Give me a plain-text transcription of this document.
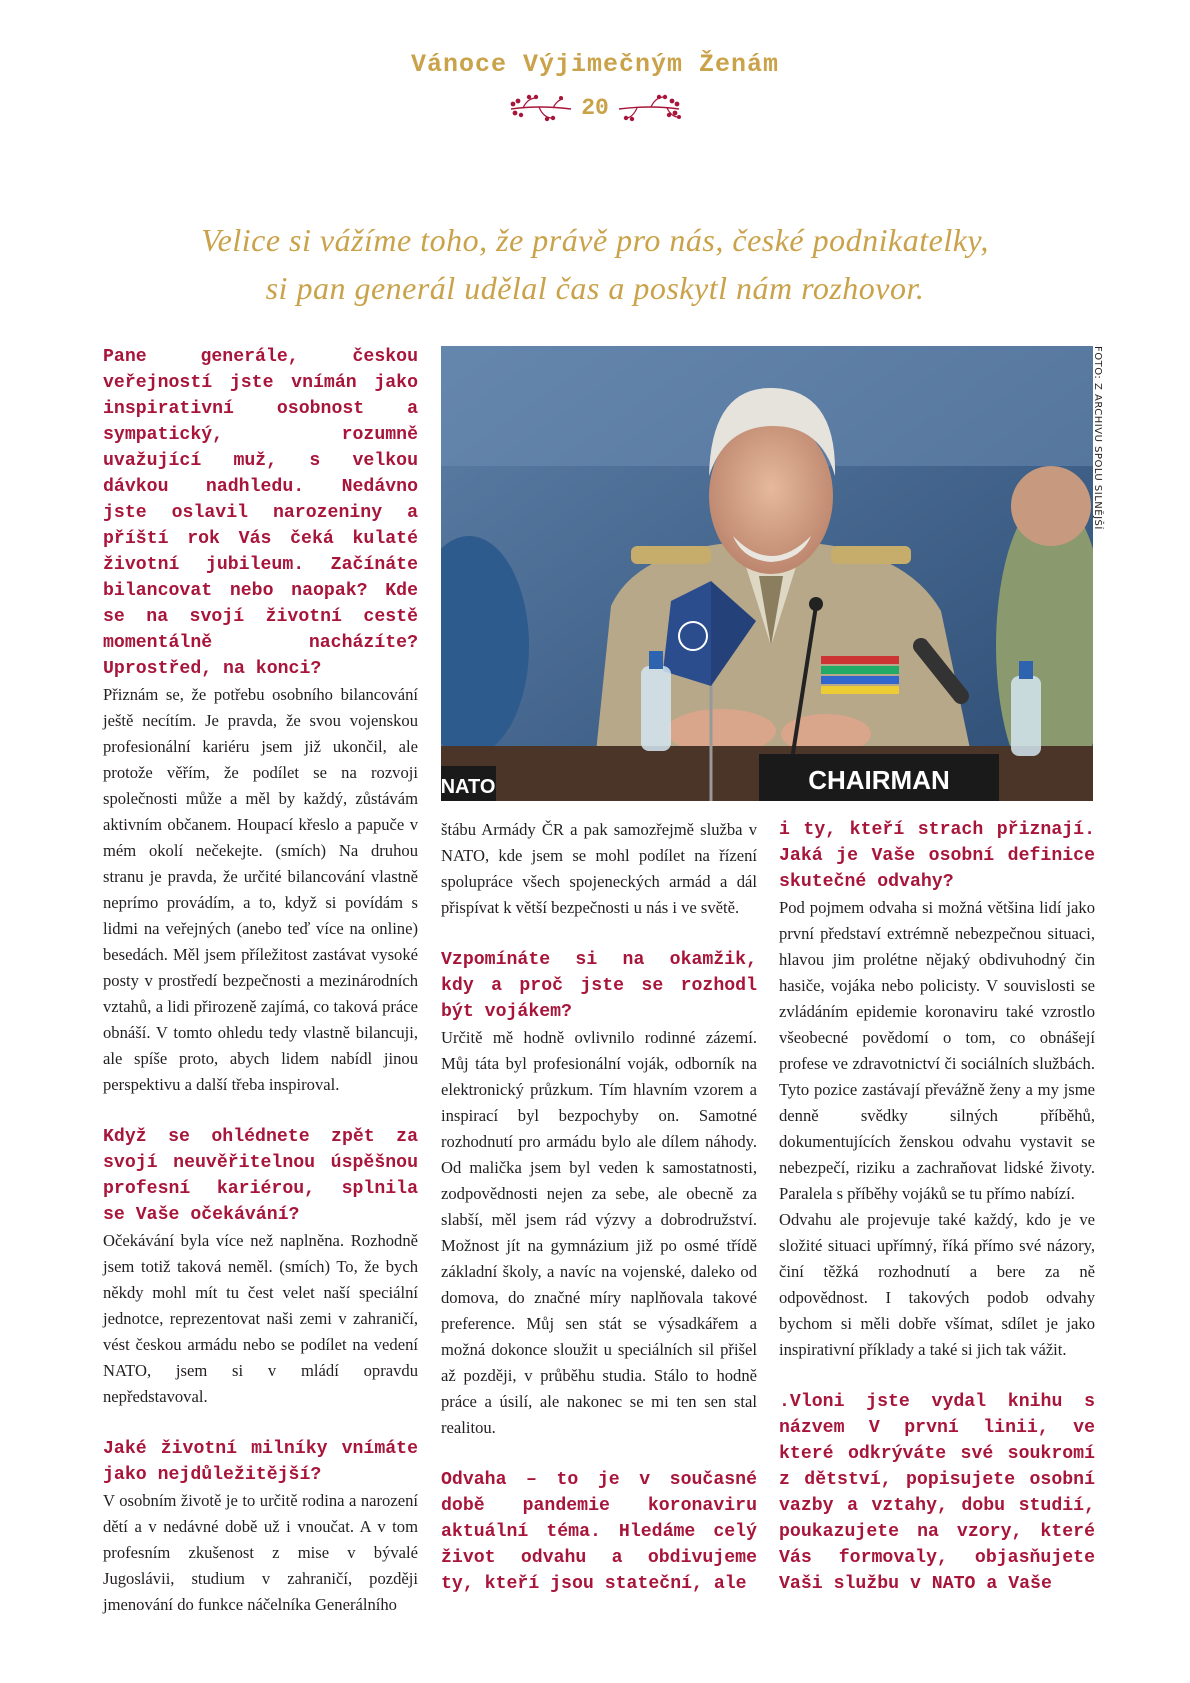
Vánoce Výjimečným Ženám
20
Velice si vážíme toho, že právě pro nás, české podnikatelky,
si pan generál udělal čas a poskytl nám rozhovor.
CHAIRMAN
NATO
FOTO: Z ARCHIVU SPOLU SILNĚJŠÍ

Pane generále, českou veřejností jste vnímán jako inspirativní osobnost a sympatický, rozumně uvažující muž, s velkou dávkou nadhledu. Nedávno jste oslavil narozeniny a příští rok Vás čeká kulaté životní jubileum. Začínáte bilancovat nebo naopak? Kde se na svojí životní cestě momentálně nacházíte? Uprostřed, na konci?

Přiznám se, že potřebu osobního bilancování ještě necítím. Je pravda, že svou vojenskou profesionální kariéru jsem již ukončil, ale protože věřím, že podílet se na rozvoji společnosti může a měl by každý, zůstávám aktivním občanem. Houpací křeslo a papuče v mém okolí nečekejte. (smích) Na druhou stranu je pravda, že určité bilancování vlastně neprímo provádím, a to, když si povídám s lidmi na veřejných (anebo teď více na online) besedách. Měl jsem příležitost zastávat vysoké posty v prostředí bezpečnosti a mezinárodních vztahů, a lidi přirozeně zajímá, co taková práce obnáší. V tomto ohledu tedy vlastně bilancuji, ale spíše proto, abych lidem nabídl jinou perspektivu a další třeba inspiroval.

Když se ohlédnete zpět za svojí neuvěřitelnou úspěšnou profesní kariérou, splnila se Vaše očekávání?

Očekávání byla více než naplněna. Rozhodně jsem totiž taková neměl. (smích) To, že bych někdy mohl mít tu čest velet naší speciální jednotce, reprezentovat naši zemi v zahraničí, vést českou armádu nebo se podílet na vedení NATO, jsem si v mládí opravdu nepředstavoval.

Jaké životní milníky vnímáte jako nejdůležitější?

V osobním životě je to určitě rodina a narození dětí a v nedávné době už i vnoučat. A v tom profesním zkušenost z mise v bývalé Jugoslávii, studium v zahraničí, později jmenování do funkce náčelníka Generálního

štábu Armády ČR a pak samozřejmě služba v NATO, kde jsem se mohl podílet na řízení spolupráce všech spojeneckých armád a dál přispívat k větší bezpečnosti u nás i ve světě.

Vzpomínáte si na okamžik, kdy a proč jste se rozhodl být vojákem?

Určitě mě hodně ovlivnilo rodinné zázemí. Můj táta byl profesionální voják, odborník na elektronický průzkum. Tím hlavním vzorem a inspirací byl bezpochyby on. Samotné rozhodnutí pro armádu bylo ale dílem náhody. Od malička jsem byl veden k samostatnosti, zodpovědnosti nejen za sebe, ale obecně za slabší, měl jsem rád výzvy a dobrodružství. Možnost jít na gymnázium již po osmé třídě základní školy, a navíc na vojenské, daleko od domova, do značné míry naplňovala takové preference. Můj sen stát se výsadkářem a možná dokonce sloužit u speciálních sil přišel až později, v průběhu studia. Stálo to hodně práce a úsilí, ale nakonec se mi ten sen stal realitou.

Odvaha – to je v současné době pandemie koronaviru aktuální téma. Hledáme celý život odvahu a obdivujeme ty, kteří jsou stateční, ale

i ty, kteří strach přiznají. Jaká je Vaše osobní definice skutečné odvahy?

Pod pojmem odvaha si možná většina lidí jako první představí extrémně nebezpečnou situaci, hlavou jim prolétne nějaký obdivuhodný čin hasiče, vojáka nebo policisty. V souvislosti se zvládáním epidemie koronaviru také vzrostlo všeobecné povědomí o tom, co obnášejí profese ve zdravotnictví či sociálních službách. Tyto pozice zastávají převážně ženy a my jsme denně svědky silných příběhů, dokumentujících ženskou odvahu vystavit se nebezpečí, riziku a zachraňovat lidské životy. Paralela s příběhy vojáků se tu přímo nabízí.

Odvahu ale projevuje také každý, kdo je ve složité situaci upřímný, říká přímo své názory, činí těžká rozhodnutí a bere za ně odpovědnost. I takových podob odvahy bychom si měli dobře všímat, sdílet je jako inspirativní příklady a také si jich tak vážit.

.Vloni jste vydal knihu s názvem V první linii, ve které odkrýváte své soukromí z dětství, popisujete osobní vazby a vztahy, dobu studií, poukazujete na vzory, které Vás formovaly, objasňujete Vaši službu v NATO a Vaše
